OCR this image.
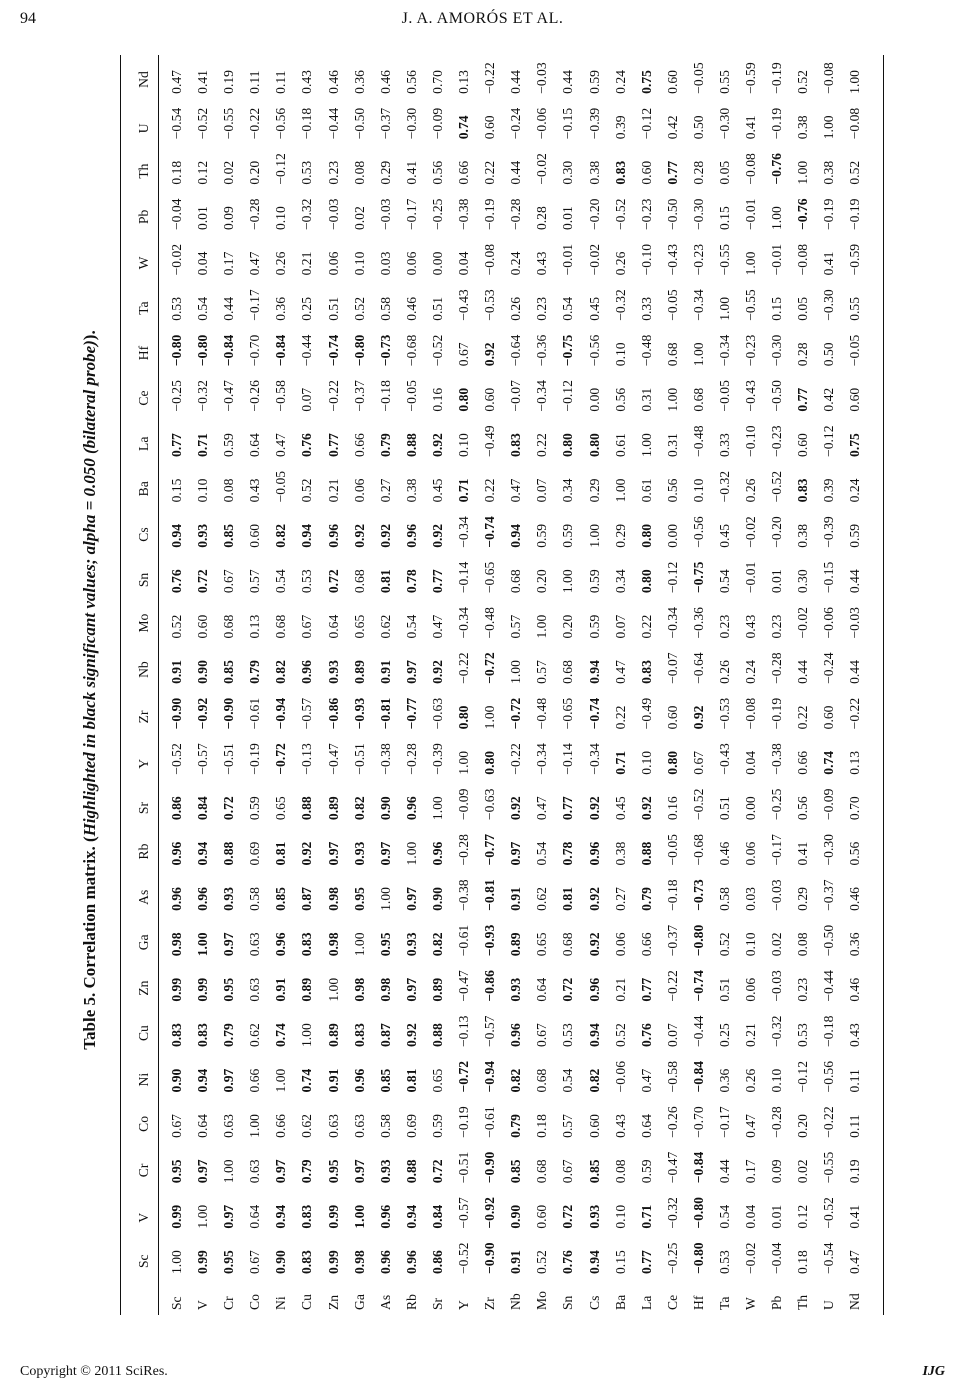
94	J. A. AMORÓS ET AL.
Table 5. Correlation matrix. (Highlighted in black significant values; alpha = 0.050 (bilateral probe)).
	Sc	V	Cr	Co	Ni	Cu	Zn	Ga	As	Rb	Sr	Y	Zr	Nb	Mo	Sn	Cs	Ba	La	Ce	Hf	Ta	W	Pb	Th	U	Nd
Sc	1.00	0.99	0.95	0.67	0.90	0.83	0.99	0.98	0.96	0.96	0.86	−0.52	−0.90	0.91	0.52	0.76	0.94	0.15	0.77	−0.25	−0.80	0.53	−0.02	−0.04	0.18	−0.54	0.47
V	0.99	1.00	0.97	0.64	0.94	0.83	0.99	1.00	0.96	0.94	0.84	−0.57	−0.92	0.90	0.60	0.72	0.93	0.10	0.71	−0.32	−0.80	0.54	0.04	0.01	0.12	−0.52	0.41
Cr	0.95	0.97	1.00	0.63	0.97	0.79	0.95	0.97	0.93	0.88	0.72	−0.51	−0.90	0.85	0.68	0.67	0.85	0.08	0.59	−0.47	−0.84	0.44	0.17	0.09	0.02	−0.55	0.19
Co	0.67	0.64	0.63	1.00	0.66	0.62	0.63	0.63	0.58	0.69	0.59	−0.19	−0.61	0.79	0.13	0.57	0.60	0.43	0.64	−0.26	−0.70	−0.17	0.47	−0.28	0.20	−0.22	0.11
Ni	0.90	0.94	0.97	0.66	1.00	0.74	0.91	0.96	0.85	0.81	0.65	−0.72	−0.94	0.82	0.68	0.54	0.82	−0.05	0.47	−0.58	−0.84	0.36	0.26	0.10	−0.12	−0.56	0.11
Cu	0.83	0.83	0.79	0.62	0.74	1.00	0.89	0.83	0.87	0.92	0.88	−0.13	−0.57	0.96	0.67	0.53	0.94	0.52	0.76	0.07	−0.44	0.25	0.21	−0.32	0.53	−0.18	0.43
Zn	0.99	0.99	0.95	0.63	0.91	0.89	1.00	0.98	0.98	0.97	0.89	−0.47	−0.86	0.93	0.64	0.72	0.96	0.21	0.77	−0.22	−0.74	0.51	0.06	−0.03	0.23	−0.44	0.46
Ga	0.98	1.00	0.97	0.63	0.96	0.83	0.98	1.00	0.95	0.93	0.82	−0.51	−0.93	0.89	0.65	0.68	0.92	0.06	0.66	−0.37	−0.80	0.52	0.10	0.02	0.08	−0.50	0.36
As	0.96	0.96	0.93	0.58	0.85	0.87	0.98	0.95	1.00	0.97	0.90	−0.38	−0.81	0.91	0.62	0.81	0.92	0.27	0.79	−0.18	−0.73	0.58	0.03	−0.03	0.29	−0.37	0.46
Rb	0.96	0.94	0.88	0.69	0.81	0.92	0.97	0.93	0.97	1.00	0.96	−0.28	−0.77	0.97	0.54	0.78	0.96	0.38	0.88	−0.05	−0.68	0.46	0.06	−0.17	0.41	−0.30	0.56
Sr	0.86	0.84	0.72	0.59	0.65	0.88	0.89	0.82	0.90	0.96	1.00	−0.39	−0.63	0.92	0.47	0.77	0.92	0.45	0.92	0.16	−0.52	0.51	0.00	−0.25	0.56	−0.09	0.70
Y	−0.52	−0.57	−0.51	−0.19	−0.72	−0.13	−0.47	−0.61	−0.38	−0.28	−0.09	1.00	0.80	−0.22	−0.34	−0.14	−0.34	0.71	0.10	0.80	0.67	−0.43	0.04	−0.38	0.66	0.74	0.13
Zr	−0.90	−0.92	−0.90	−0.61	−0.94	−0.57	−0.86	−0.93	−0.81	−0.77	−0.63	0.80	1.00	−0.72	−0.48	−0.65	−0.74	0.22	−0.49	0.60	0.92	−0.53	−0.08	−0.19	0.22	0.60	−0.22
Nb	0.91	0.90	0.85	0.79	0.82	0.96	0.93	0.89	0.91	0.97	0.92	−0.22	−0.72	1.00	0.57	0.68	0.94	0.47	0.83	−0.07	−0.64	0.26	0.24	−0.28	0.44	−0.24	0.44
Mo	0.52	0.60	0.68	0.18	0.68	0.67	0.64	0.65	0.62	0.54	0.47	−0.34	−0.48	0.57	1.00	0.20	0.59	0.07	0.22	−0.34	−0.36	0.23	0.43	0.28	−0.02	−0.06	−0.03
Sn	0.76	0.72	0.67	0.57	0.54	0.53	0.72	0.68	0.81	0.78	0.77	−0.14	−0.65	0.68	0.20	1.00	0.59	0.34	0.80	−0.12	−0.75	0.54	−0.01	0.01	0.30	−0.15	0.44
Cs	0.94	0.93	0.85	0.60	0.82	0.94	0.96	0.92	0.92	0.96	0.92	−0.34	−0.74	0.94	0.59	0.59	1.00	0.29	0.80	0.00	−0.56	0.45	−0.02	−0.20	0.38	−0.39	0.59
Ba	0.15	0.10	0.08	0.43	−0.06	0.52	0.21	0.06	0.27	0.38	0.45	0.71	0.22	0.47	0.07	0.34	0.29	1.00	0.61	0.56	0.10	−0.32	0.26	−0.52	0.83	0.39	0.24
La	0.77	0.71	0.59	0.64	0.47	0.76	0.77	0.66	0.79	0.88	0.92	0.10	−0.49	0.83	0.22	0.80	0.80	0.61	1.00	0.31	−0.48	0.33	−0.10	−0.23	0.60	−0.12	0.75
Ce	−0.25	−0.32	−0.47	−0.26	−0.58	0.07	−0.22	−0.37	−0.18	−0.05	0.16	0.80	0.60	−0.07	−0.34	−0.12	0.00	0.56	0.31	1.00	0.68	−0.05	−0.43	−0.50	0.77	0.42	0.60
Hf	−0.80	−0.80	−0.84	−0.70	−0.84	−0.44	−0.74	−0.80	−0.73	−0.68	−0.52	0.67	0.92	−0.64	−0.36	−0.75	−0.56	0.10	−0.48	0.68	1.00	−0.34	−0.23	−0.30	0.28	0.50	−0.05
Ta	0.53	0.54	0.44	−0.17	0.36	0.25	0.51	0.52	0.58	0.46	0.51	−0.43	−0.53	0.26	0.23	0.54	0.45	−0.32	0.33	−0.05	−0.34	1.00	−0.55	0.15	0.05	−0.30	0.55
W	−0.02	0.04	0.17	0.47	0.26	0.21	0.06	0.10	0.03	0.06	0.00	0.04	−0.08	0.24	0.43	−0.01	−0.02	0.26	−0.10	−0.43	−0.23	−0.55	1.00	−0.01	−0.08	0.41	−0.59
Pb	−0.04	0.01	0.09	−0.28	0.10	−0.32	−0.03	0.02	−0.03	−0.17	−0.25	−0.38	−0.19	−0.28	0.23	0.01	−0.20	−0.52	−0.23	−0.50	−0.30	0.15	−0.01	1.00	−0.76	−0.19	−0.19
Th	0.18	0.12	0.02	0.20	−0.12	0.53	0.23	0.08	0.29	0.41	0.56	0.66	0.22	0.44	−0.02	0.30	0.38	0.83	0.60	0.77	0.28	0.05	−0.08	−0.76	1.00	0.38	0.52
U	−0.54	−0.52	−0.55	−0.22	−0.56	−0.18	−0.44	−0.50	−0.37	−0.30	−0.09	0.74	0.60	−0.24	−0.06	−0.15	−0.39	0.39	−0.12	0.42	0.50	−0.30	0.41	−0.19	0.38	1.00	−0.08
Nd	0.47	0.41	0.19	0.11	0.11	0.43	0.46	0.36	0.46	0.56	0.70	0.13	−0.22	0.44	−0.03	0.44	0.59	0.24	0.75	0.60	−0.05	0.55	−0.59	−0.19	0.52	−0.08	1.00
Copyright © 2011 SciRes.	IJG
